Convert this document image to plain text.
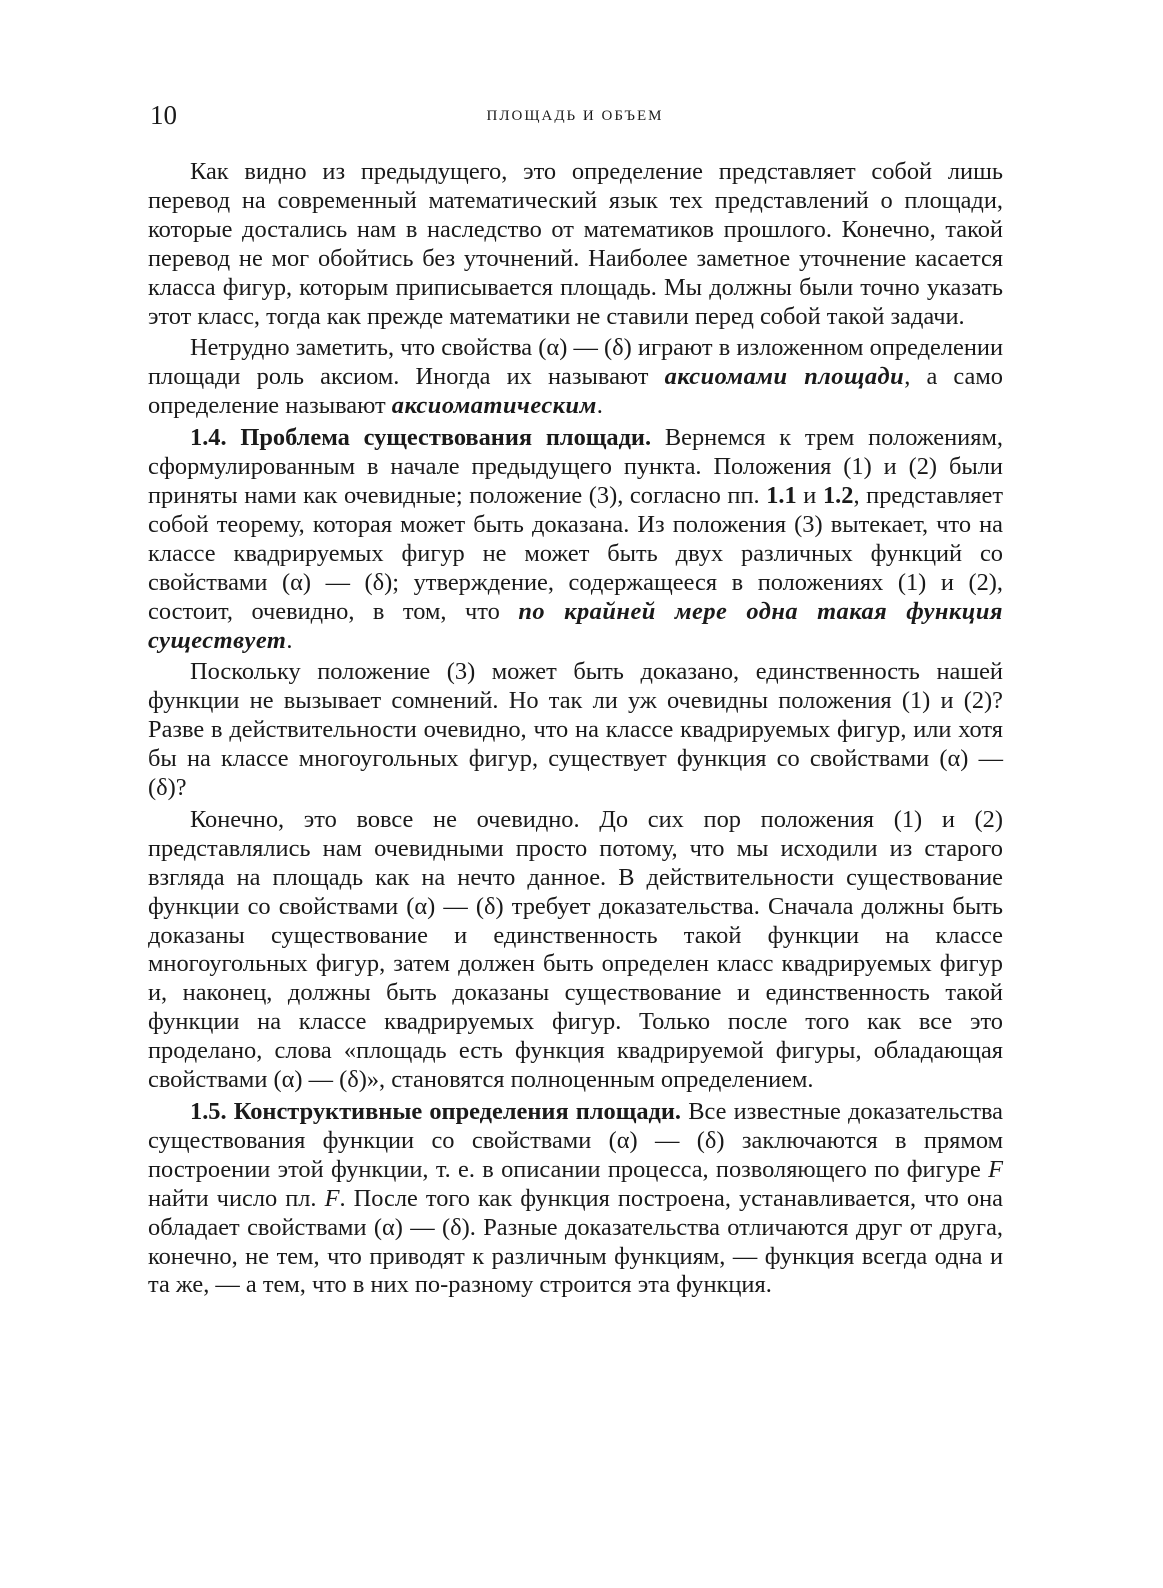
10	ПЛОЩАДЬ И ОБЪЕМ

Как видно из предыдущего, это определение представляет собой лишь перевод на современный математический язык тех представлений о площади, которые достались нам в наследство от математиков прошлого. Конечно, такой перевод не мог обойтись без уточнений. Наиболее заметное уточнение касается класса фигур, которым приписывается площадь. Мы должны были точно указать этот класс, тогда как прежде математики не ставили перед собой такой задачи.

Нетрудно заметить, что свойства (α) — (δ) играют в изложенном определении площади роль аксиом. Иногда их называют аксиомами площади, а само определение называют аксиоматическим.

1.4. Проблема существования площади. Вернемся к трем положениям, сформулированным в начале предыдущего пункта. Положения (1) и (2) были приняты нами как очевидные; положение (3), согласно пп. 1.1 и 1.2, представляет собой теорему, которая может быть доказана. Из положения (3) вытекает, что на классе квадрируемых фигур не может быть двух различных функций со свойствами (α) — (δ); утверждение, содержащееся в положениях (1) и (2), состоит, очевидно, в том, что по крайней мере одна такая функция существует.

Поскольку положение (3) может быть доказано, единственность нашей функции не вызывает сомнений. Но так ли уж очевидны положения (1) и (2)? Разве в действительности очевидно, что на классе квадрируемых фигур, или хотя бы на классе многоугольных фигур, существует функция со свойствами (α) — (δ)?

Конечно, это вовсе не очевидно. До сих пор положения (1) и (2) представлялись нам очевидными просто потому, что мы исходили из старого взгляда на площадь как на нечто данное. В действительности существование функции со свойствами (α) — (δ) требует доказательства. Сначала должны быть доказаны существование и единственность такой функции на классе многоугольных фигур, затем должен быть определен класс квадрируемых фигур и, наконец, должны быть доказаны существование и единственность такой функции на классе квадрируемых фигур. Только после того как все это проделано, слова «площадь есть функция квадрируемой фигуры, обладающая свойствами (α) — (δ)», становятся полноценным определением.

1.5. Конструктивные определения площади. Все известные доказательства существования функции со свойствами (α) — (δ) заключаются в прямом построении этой функции, т. е. в описании процесса, позволяющего по фигуре F найти число пл. F. После того как функция построена, устанавливается, что она обладает свойствами (α) — (δ). Разные доказательства отличаются друг от друга, конечно, не тем, что приводят к различным функциям, — функция всегда одна и та же, — а тем, что в них по-разному строится эта функция.
